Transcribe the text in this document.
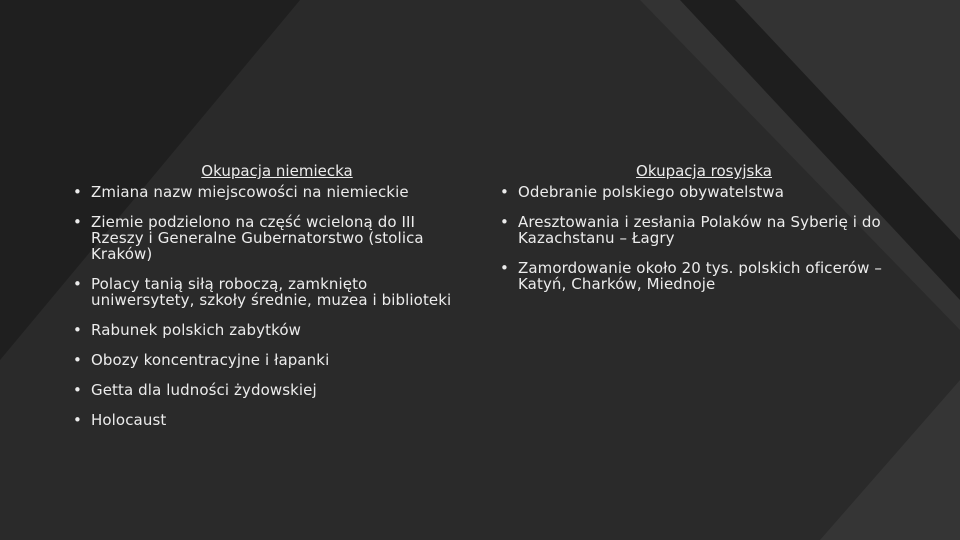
Okupacja niemiecka
• Zmiana nazw miejscowości na niemieckie
• Ziemie podzielono na część wcieloną do III Rzeszy i Generalne Gubernatorstwo (stolica Kraków)
• Polacy tanią siłą roboczą, zamknięto uniwersytety, szkoły średnie, muzea i biblioteki
• Rabunek polskich zabytków
• Obozy koncentracyjne i łapanki
• Getta dla ludności żydowskiej
• Holocaust
Okupacja rosyjska
• Odebranie polskiego obywatelstwa
• Aresztowania i zesłania Polaków na Syberię i do Kazachstanu – Łagry
• Zamordowanie około 20 tys. polskich oficerów – Katyń, Charków, Miednoje
